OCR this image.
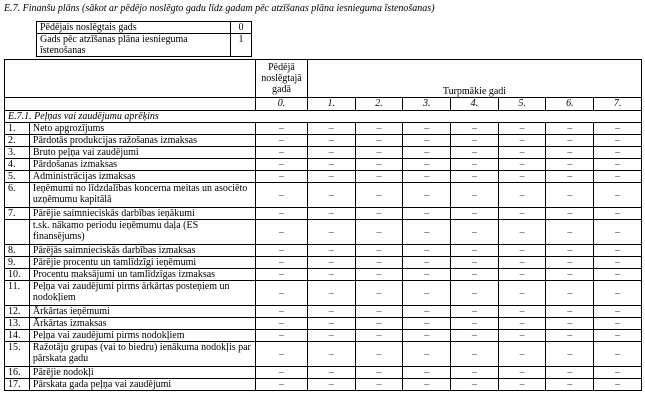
E.7. Finanšu plāns (sākot ar pēdējo noslēgto gadu līdz gadam pēc atzīšanas plāna iesnieguma īstenošanas)
Pēdējais noslēgtais gads	0
Gads pēc atzīšanas plāna iesnieguma īstenošanas	1
		Pēdējā noslēgtajā gadā	Turpmākie gadi						
		0.	1.	2.	3.	4.	5.	6.	7.
E.7.1. Peļņas vai zaudējumu aprēķins									
1.	Neto apgrozījums	–	–	–	–	–	–	–	–
2.	Pārdotās produkcijas ražošanas izmaksas	–	–	–	–	–	–	–	–
3.	Bruto peļņa vai zaudējumi	–	–	–	–	–	–	–	–
4.	Pārdošanas izmaksas	–	–	–	–	–	–	–	–
5.	Administrācijas izmaksas	–	–	–	–	–	–	–	–
6.	Ieņēmumi no līdzdalības koncerna meitas un asociēto uzņēmumu kapitālā	–	–	–	–	–	–	–	–
7.	Pārējie saimnieciskās darbības ieņākumi	–	–	–	–	–	–	–	–
	t.sk. nākamo periodu ieņēmumu daļa (ES finansējums)	–	–	–	–	–	–	–	–
8.	Pārējās saimnieciskās darbības izmaksas	–	–	–	–	–	–	–	–
9.	Pārējie procentu un tamlīdzīgi ieņēmumi	–	–	–	–	–	–	–	–
10.	Procentu maksājumi un tamlīdzīgas izmaksas	–	–	–	–	–	–	–	–
11.	Peļņa vai zaudējumi pirms ārkārtas posteņiem un nodokļiem	–	–	–	–	–	–	–	–
12.	Ārkārtas ieņēmumi	–	–	–	–	–	–	–	–
13.	Ārkārtas izmaksas	–	–	–	–	–	–	–	–
14.	Peļņa vai zaudējumi pirms nodokļiem	–	–	–	–	–	–	–	–
15.	Ražotāju grupas (vai to biedru) ienākuma nodokļis par pārskata gadu	–	–	–	–	–	–	–	–
16.	Pārējie nodokļi	–	–	–	–	–	–	–	–
17.	Pārskata gada peļņa vai zaudējumi	–	–	–	–	–	–	–	–
